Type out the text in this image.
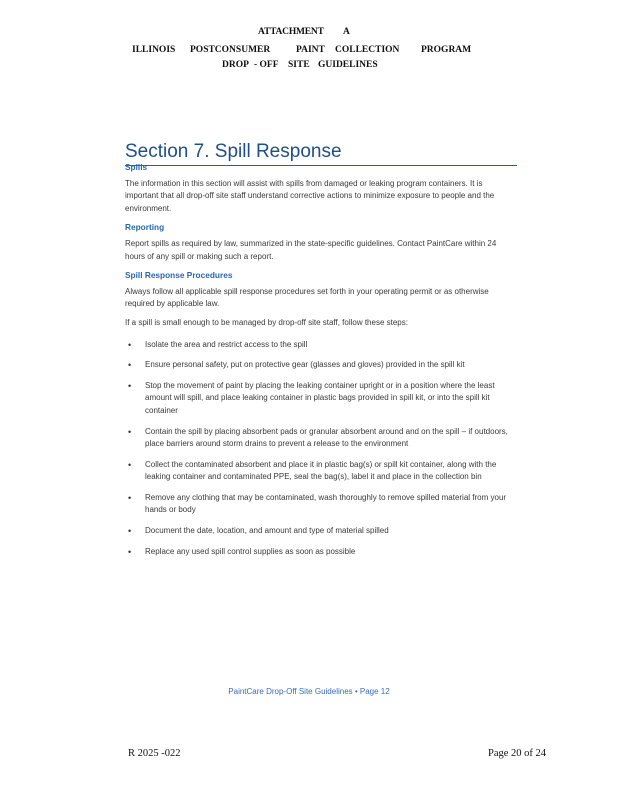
ATTACHMENT A
ILLINOIS POSTCONSUMER	PAINT COLLECTION PROGRAM
DROP - OFF SITE GUIDELINES
Section 7. Spill Response
Spills
The information in this section will assist with spills from damaged or leaking program containers. It is important that all drop-off site staff understand corrective actions to minimize exposure to people and the environment.
Reporting
Report spills as required by law, summarized in the state-specific guidelines. Contact PaintCare within 24 hours of any spill or making such a report.
Spill Response Procedures
Always follow all applicable spill response procedures set forth in your operating permit or as otherwise required by applicable law.
If a spill is small enough to be managed by drop-off site staff, follow these steps:
• Isolate the area and restrict access to the spill
• Ensure personal safety, put on protective gear (glasses and gloves) provided in the spill kit
• Stop the movement of paint by placing the leaking container upright or in a position where the least amount will spill, and place leaking container in plastic bags provided in spill kit, or into the spill kit container
• Contain the spill by placing absorbent pads or granular absorbent around and on the spill – if outdoors, place barriers around storm drains to prevent a release to the environment
• Collect the contaminated absorbent and place it in plastic bag(s) or spill kit container, along with the leaking container and contaminated PPE, seal the bag(s), label it and place in the collection bin
• Remove any clothing that may be contaminated, wash thoroughly to remove spilled material from your hands or body
• Document the date, location, and amount and type of material spilled
• Replace any used spill control supplies as soon as possible
PaintCare Drop-Off Site Guidelines • Page 12
R 2025 -022	Page 20 of 24
